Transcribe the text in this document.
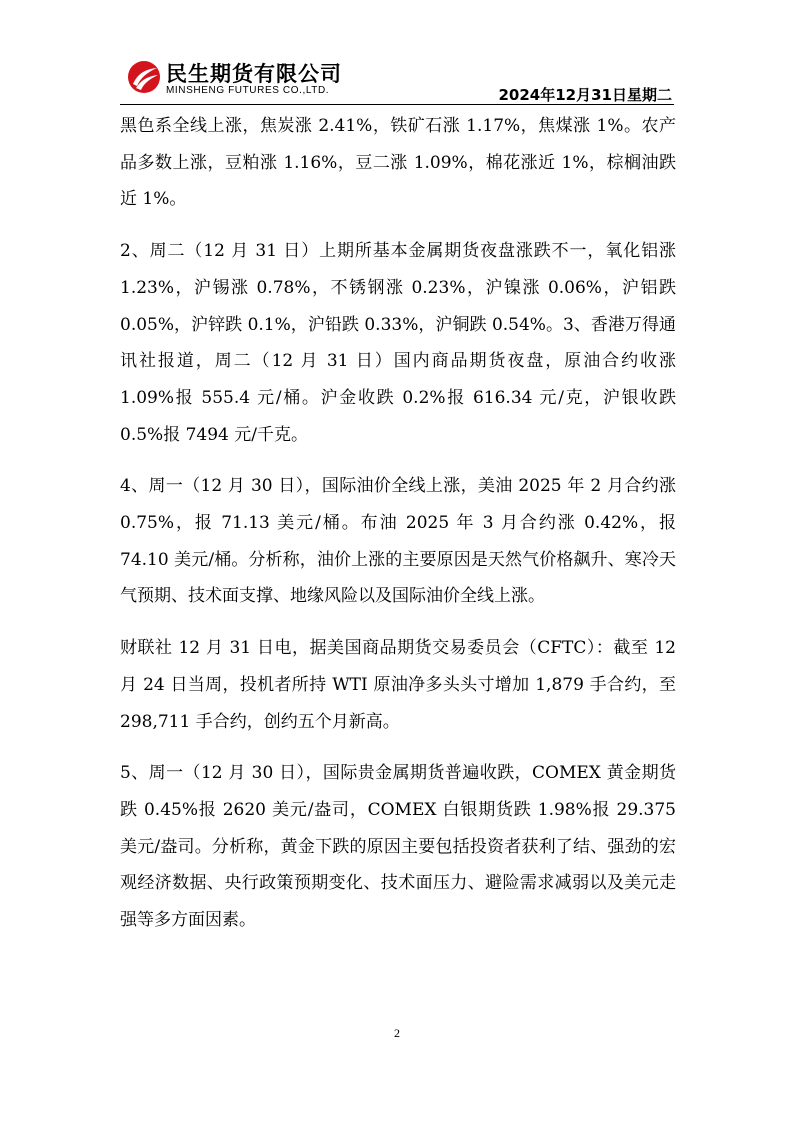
民生期货有限公司
MINSHENG FUTURES CO.,LTD.	2024年12月31日星期二

黑色系全线上涨，焦炭涨 2.41%，铁矿石涨 1.17%，焦煤涨 1%。农产品多数上涨，豆粕涨 1.16%，豆二涨 1.09%，棉花涨近 1%，棕榈油跌近 1%。

2、周二（12 月 31 日）上期所基本金属期货夜盘涨跌不一，氧化铝涨 1.23%，沪锡涨 0.78%，不锈钢涨 0.23%，沪镍涨 0.06%，沪铝跌 0.05%，沪锌跌 0.1%，沪铅跌 0.33%，沪铜跌 0.54%。3、香港万得通讯社报道，周二（12 月 31 日）国内商品期货夜盘，原油合约收涨 1.09%报 555.4 元/桶。沪金收跌 0.2%报 616.34 元/克，沪银收跌 0.5%报 7494 元/千克。

4、周一（12 月 30 日），国际油价全线上涨，美油 2025 年 2 月合约涨 0.75%，报 71.13 美元/桶。布油 2025 年 3 月合约涨 0.42%，报 74.10 美元/桶。分析称，油价上涨的主要原因是天然气价格飙升、寒冷天气预期、技术面支撑、地缘风险以及国际油价全线上涨。

财联社 12 月 31 日电，据美国商品期货交易委员会（CFTC）：截至 12 月 24 日当周，投机者所持 WTI 原油净多头头寸增加 1,879 手合约，至 298,711 手合约，创约五个月新高。

5、周一（12 月 30 日），国际贵金属期货普遍收跌，COMEX 黄金期货跌 0.45%报 2620 美元/盎司，COMEX 白银期货跌 1.98%报 29.375 美元/盎司。分析称，黄金下跌的原因主要包括投资者获利了结、强劲的宏观经济数据、央行政策预期变化、技术面压力、避险需求减弱以及美元走强等多方面因素。

2
